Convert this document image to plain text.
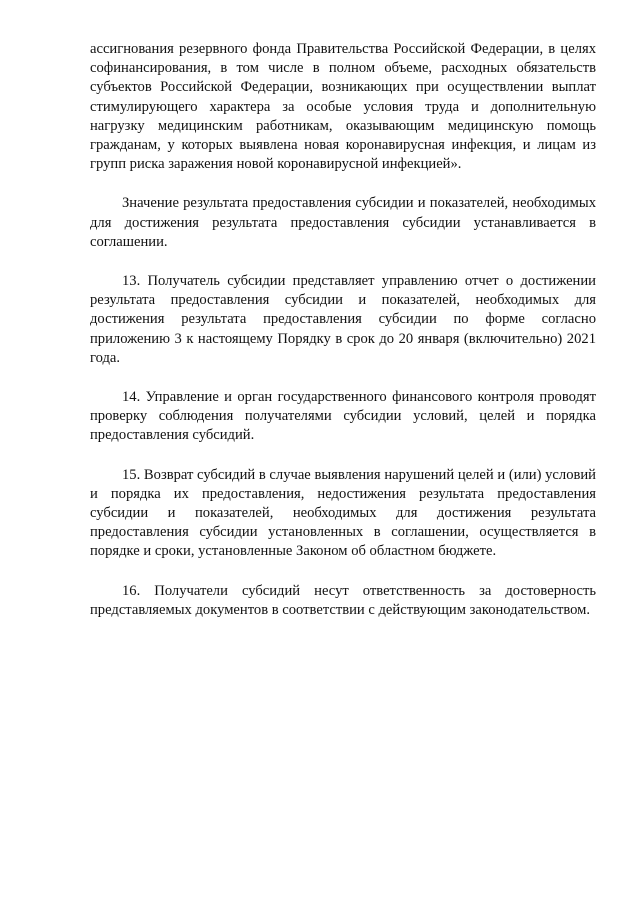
ассигнования резервного фонда Правительства Российской Федерации, в целях софинансирования, в том числе в полном объеме, расходных обязательств субъектов Российской Федерации, возникающих при осуществлении выплат стимулирующего характера за особые условия труда и дополнительную нагрузку медицинским работникам, оказывающим медицинскую помощь гражданам, у которых выявлена новая коронавирусная инфекция, и лицам из групп риска заражения новой коронавирусной инфекцией».

Значение результата предоставления субсидии и показателей, необходимых для достижения результата предоставления субсидии устанавливается в соглашении.

13. Получатель субсидии представляет управлению отчет о достижении результата предоставления субсидии и показателей, необходимых для достижения результата предоставления субсидии по форме согласно приложению 3 к настоящему Порядку в срок до 20 января (включительно) 2021 года.

14. Управление и орган государственного финансового контроля проводят проверку соблюдения получателями субсидии условий, целей и порядка предоставления субсидий.

15. Возврат субсидий в случае выявления нарушений целей и (или) условий и порядка их предоставления, недостижения результата предоставления субсидии и показателей, необходимых для достижения результата предоставления субсидии установленных в соглашении, осуществляется в порядке и сроки, установленные Законом об областном бюджете.

16. Получатели субсидий несут ответственность за достоверность представляемых документов в соответствии с действующим законодательством.
